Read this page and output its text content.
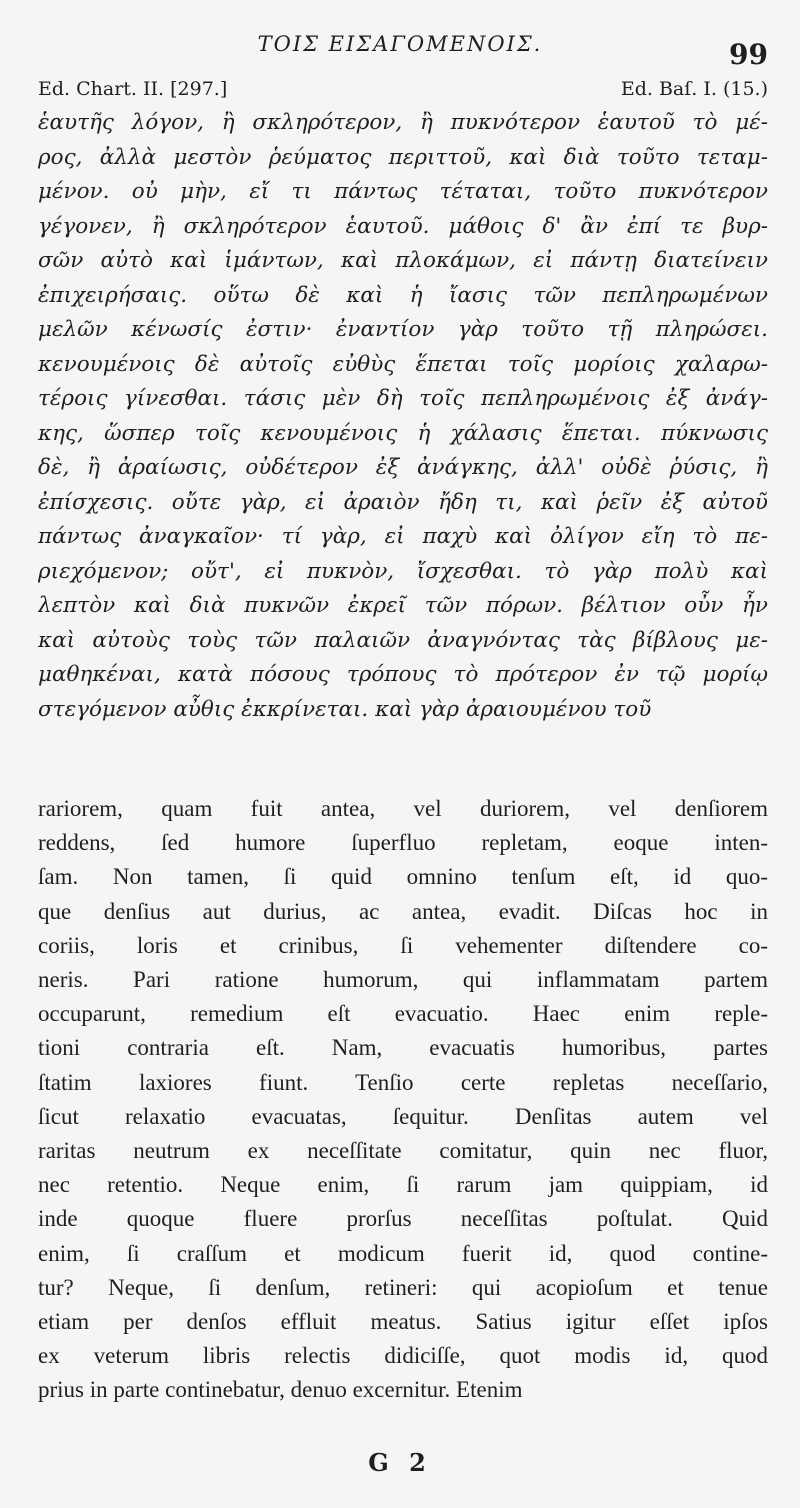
ΤΟΙΣ ΕΙΣΑΓΟΜΕΝΟΙΣ.	99
Ed. Chart. II. [297.]	Ed. Baſ. I. (15.)
ἑαυτῆς λόγον, ἢ σκληρότερον, ἢ πυκνότερον ἑαυτοῦ τὸ μέ-
ρος, ἀλλὰ μεστὸν ῥεύματος περιττοῦ, καὶ διὰ τοῦτο τεταμ-
μένον. οὐ μὴν, εἴ τι πάντως τέταται, τοῦτο πυκνότερον
γέγονεν, ἢ σκληρότερον ἑαυτοῦ. μάθοις δ' ἂν ἐπί τε βυρ-
σῶν αὐτὸ καὶ ἱμάντων, καὶ πλοκάμων, εἰ πάντῃ διατείνειν
ἐπιχειρήσαις. οὕτω δὲ καὶ ἡ ἴασις τῶν πεπληρωμένων
μελῶν κένωσίς ἐστιν· ἐναντίον γὰρ τοῦτο τῇ πληρώσει.
κενουμένοις δὲ αὐτοῖς εὐθὺς ἕπεται τοῖς μορίοις χαλαρω-
τέροις γίνεσθαι. τάσις μὲν δὴ τοῖς πεπληρωμένοις ἐξ ἀνάγ-
κης, ὥσπερ τοῖς κενουμένοις ἡ χάλασις ἕπεται. πύκνωσις
δὲ, ἢ ἀραίωσις, οὐδέτερον ἐξ ἀνάγκης, ἀλλ' οὐδὲ ῥύσις, ἢ
ἐπίσχεσις. οὔτε γὰρ, εἰ ἀραιὸν ἤδη τι, καὶ ῥεῖν ἐξ αὐτοῦ
πάντως ἀναγκαῖον· τί γὰρ, εἰ παχὺ καὶ ὀλίγον εἴη τὸ πε-
ριεχόμενον; οὔτ', εἰ πυκνὸν, ἴσχεσθαι. τὸ γὰρ πολὺ καὶ
λεπτὸν καὶ διὰ πυκνῶν ἐκρεῖ τῶν πόρων. βέλτιον οὖν ἦν
καὶ αὐτοὺς τοὺς τῶν παλαιῶν ἀναγνόντας τὰς βίβλους με-
μαθηκέναι, κατὰ πόσους τρόπους τὸ πρότερον ἐν τῷ μορίῳ
στεγόμενον αὖθις ἐκκρίνεται. καὶ γὰρ ἀραιουμένου τοῦ
rariorem, quam fuit antea, vel duriorem, vel denſiorem
reddens, ſed humore ſuperfluo repletam, eoque inten-
ſam. Non tamen, ſi quid omnino tenſum eſt, id quo-
que denſius aut durius, ac antea, evadit. Diſcas hoc in
coriis, loris et crinibus, ſi vehementer diſtendere co-
neris. Pari ratione humorum, qui inflammatam partem
occuparunt, remedium eſt evacuatio. Haec enim reple-
tioni contraria eſt. Nam, evacuatis humoribus, partes
ſtatim laxiores fiunt. Tenſio certe repletas neceſſario,
ſicut relaxatio evacuatas, ſequitur. Denſitas autem vel
raritas neutrum ex neceſſitate comitatur, quin nec fluor,
nec retentio. Neque enim, ſi rarum jam quippiam, id
inde quoque fluere prorſus neceſſitas poſtulat. Quid
enim, ſi craſſum et modicum fuerit id, quod contine-
tur? Neque, ſi denſum, retineri: qui acopioſum et tenue
etiam per denſos effluit meatus. Satius igitur eſſet ipſos
ex veterum libris relectis didiciſſe, quot modis id, quod
prius in parte continebatur, denuo excernitur. Etenim
G 2
